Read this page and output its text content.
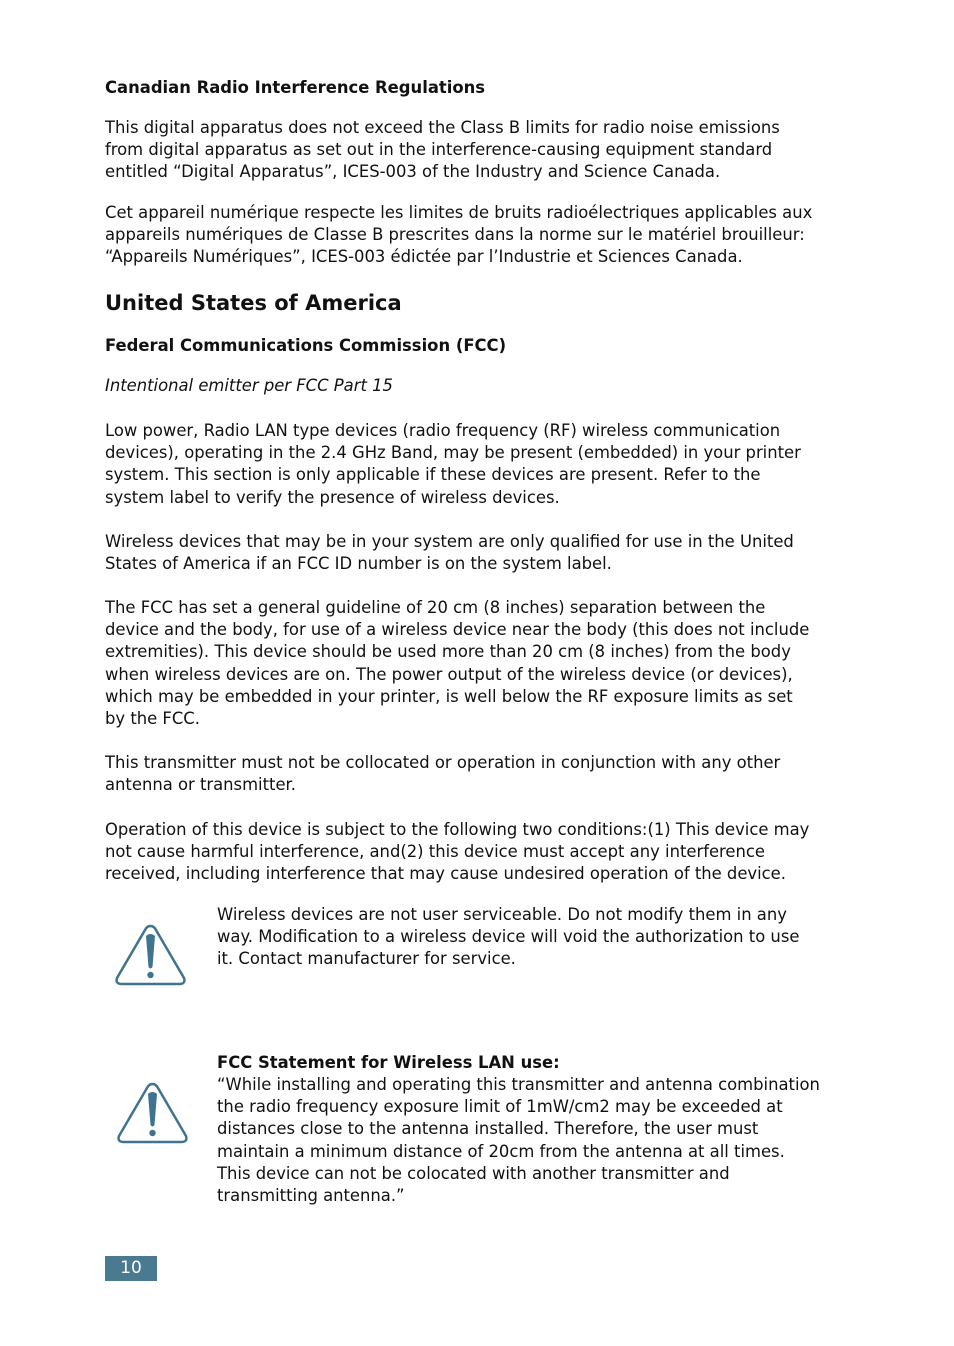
Canadian Radio Interference Regulations
This digital apparatus does not exceed the Class B limits for radio noise emissions
from digital apparatus as set out in the interference-causing equipment standard
entitled “Digital Apparatus”, ICES-003 of the Industry and Science Canada.
Cet appareil numérique respecte les limites de bruits radioélectriques applicables aux
appareils numériques de Classe B prescrites dans la norme sur le matériel brouilleur:
“Appareils Numériques”, ICES-003 édictée par l’Industrie et Sciences Canada.
United States of America
Federal Communications Commission (FCC)
Intentional emitter per FCC Part 15
Low power, Radio LAN type devices (radio frequency (RF) wireless communication
devices), operating in the 2.4 GHz Band, may be present (embedded) in your printer
system. This section is only applicable if these devices are present. Refer to the
system label to verify the presence of wireless devices.
Wireless devices that may be in your system are only qualified for use in the United
States of America if an FCC ID number is on the system label.
The FCC has set a general guideline of 20 cm (8 inches) separation between the
device and the body, for use of a wireless device near the body (this does not include
extremities). This device should be used more than 20 cm (8 inches) from the body
when wireless devices are on. The power output of the wireless device (or devices),
which may be embedded in your printer, is well below the RF exposure limits as set
by the FCC.
This transmitter must not be collocated or operation in conjunction with any other
antenna or transmitter.
Operation of this device is subject to the following two conditions:(1) This device may
not cause harmful interference, and(2) this device must accept any interference
received, including interference that may cause undesired operation of the device.
Wireless devices are not user serviceable. Do not modify them in any
way. Modification to a wireless device will void the authorization to use
it. Contact manufacturer for service.
FCC Statement for Wireless LAN use:
“While installing and operating this transmitter and antenna combination
the radio frequency exposure limit of 1mW/cm2 may be exceeded at
distances close to the antenna installed. Therefore, the user must
maintain a minimum distance of 20cm from the antenna at all times.
This device can not be colocated with another transmitter and
transmitting antenna.”
10
